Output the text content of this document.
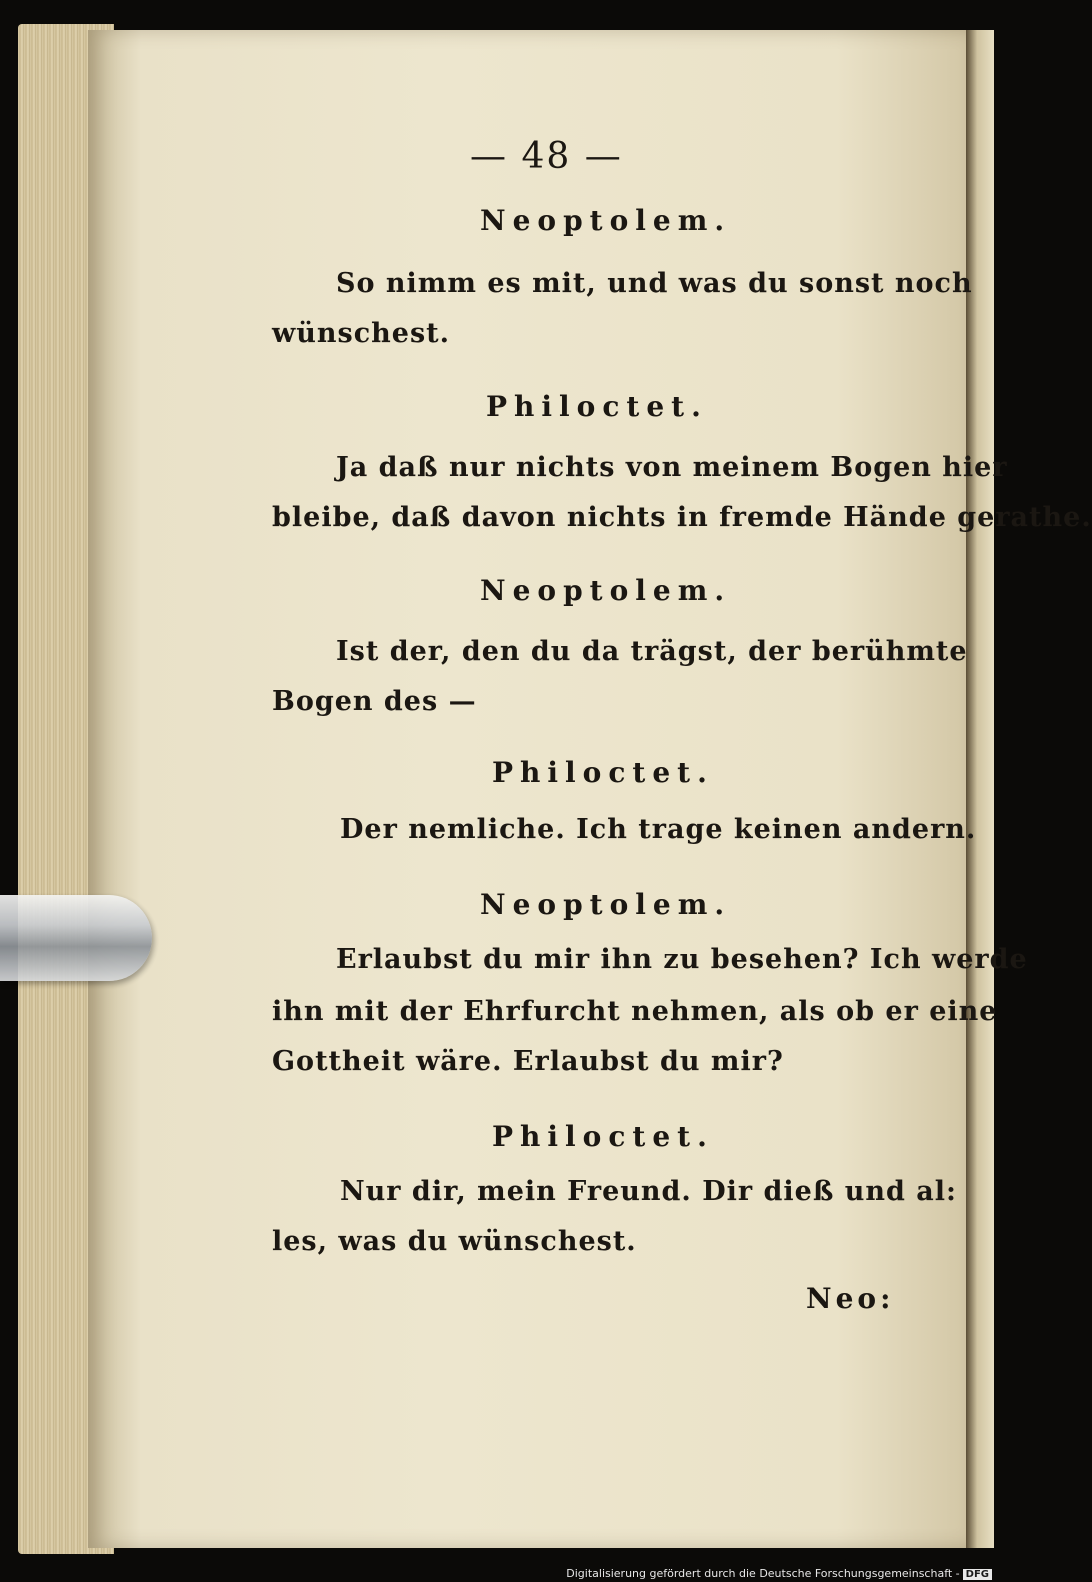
— 48 —
Neoptolem.
So nimm es mit, und was du sonst noch
wünschest.
Philoctet.
Ja daß nur nichts von meinem Bogen hier
bleibe, daß davon nichts in fremde Hände gerathe.
Neoptolem.
Ist der, den du da trägst, der berühmte
Bogen des —
Philoctet.
Der nemliche. Ich trage keinen andern.
Neoptolem.
Erlaubst du mir ihn zu besehen? Ich werde
ihn mit der Ehrfurcht nehmen, als ob er eine
Gottheit wäre. Erlaubst du mir?
Philoctet.
Nur dir, mein Freund. Dir dieß und al:
les, was du wünschest.
Neo:
Digitalisierung gefördert durch die Deutsche Forschungsgemeinschaft - DFG
